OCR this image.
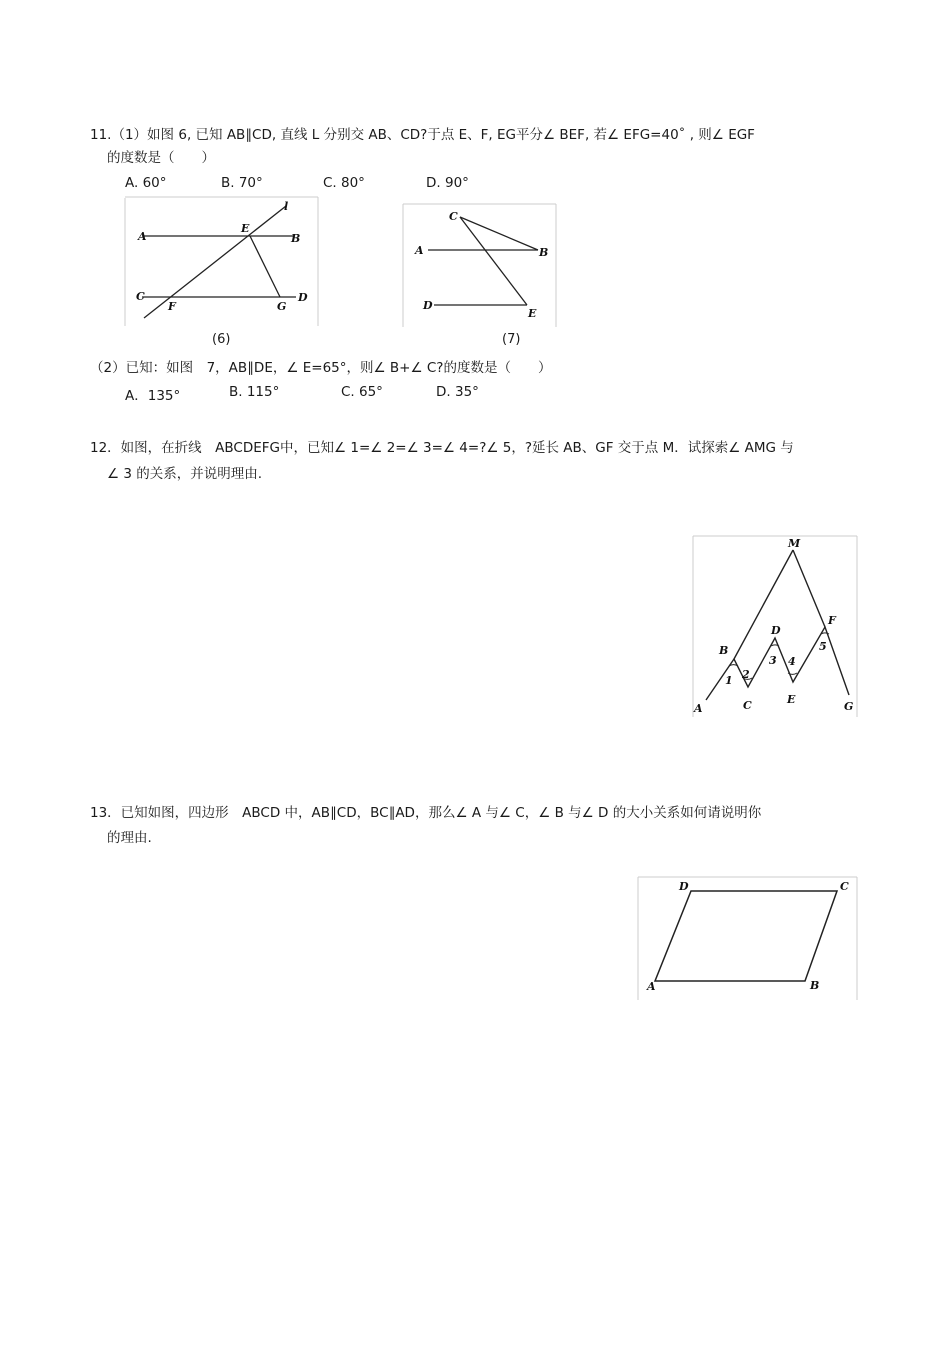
11.（1）如图 6, 已知 AB∥CD, 直线 L 分别交 AB、CD?于点 E、F, EG平分∠ BEF, 若∠ EFG=40˚ , 则∠ EGF
的度数是（　　）
A. 60°	B. 70°	C. 80°	D. 90°
A
E
l
B
C
F	G
D
(6)
C
A	B
D
E
(7)
（2）已知：如图　7，AB∥DE，∠ E=65°，则∠ B+∠ C?的度数是（　　）
A．135°	B. 115°	C. 65°	D. 35°
12．如图，在折线　ABCDEFG中，已知∠ 1=∠ 2=∠ 3=∠ 4=?∠ 5，?延长 AB、GF 交于点 M．试探索∠ AMG 与
∠ 3 的关系，并说明理由.
M
B
D
F
1 2
3 4
5
A	C	E
G
13．已知如图，四边形　ABCD 中，AB∥CD，BC∥AD，那么∠ A 与∠ C，∠ B 与∠ D 的大小关系如何请说明你
的理由.
D	C
A	B
